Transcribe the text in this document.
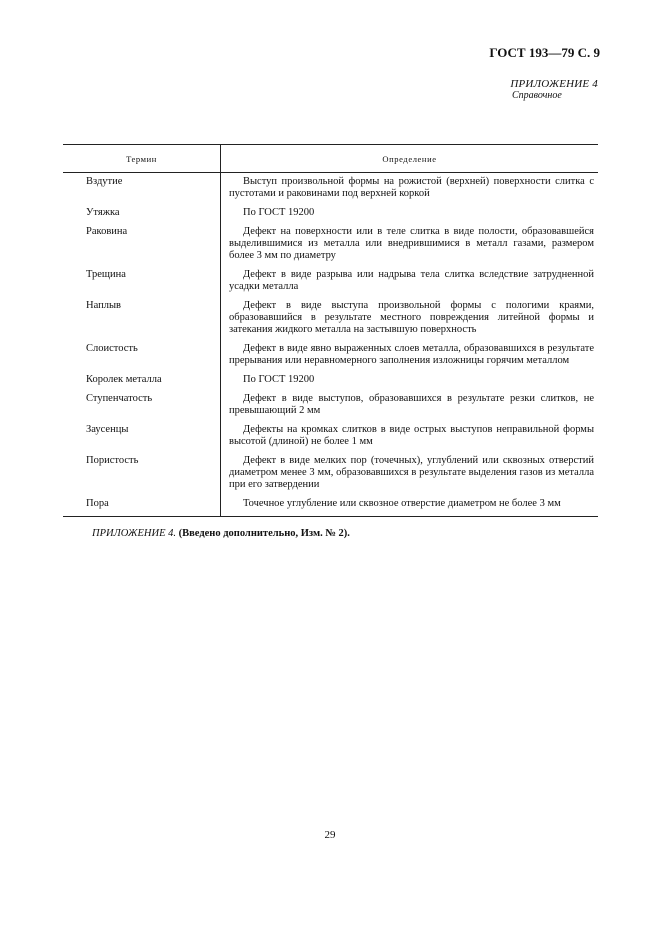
ГОСТ 193—79 С. 9
ПРИЛОЖЕНИЕ 4
Справочное
Термин	Определение
Вздутие	Выступ произвольной формы на рожистой (верхней) поверхности слитка с пустотами и раковинами под верхней коркой
Утяжка	По ГОСТ 19200
Раковина	Дефект на поверхности или в теле слитка в виде полости, образовавшейся выделившимися из металла или внедрившимися в металл газами, размером более 3 мм по диаметру
Трещина	Дефект в виде разрыва или надрыва тела слитка вследствие затрудненной усадки металла
Наплыв	Дефект в виде выступа произвольной формы с пологими краями, образовавшийся в результате местного повреждения литейной формы и затекания жидкого металла на застывшую поверхность
Слоистость	Дефект в виде явно выраженных слоев металла, образовавшихся в результате прерывания или неравномерного заполнения изложницы горячим металлом
Королек металла	По ГОСТ 19200
Ступенчатость	Дефект в виде выступов, образовавшихся в результате резки слитков, не превышающий 2 мм
Заусенцы	Дефекты на кромках слитков в виде острых выступов неправильной формы высотой (длиной) не более 1 мм
Пористость	Дефект в виде мелких пор (точечных), углублений или сквозных отверстий диаметром менее 3 мм, образовавшихся в результате выделения газов из металла при его затвердении
Пора	Точечное углубление или сквозное отверстие диаметром не более 3 мм
ПРИЛОЖЕНИЕ 4. (Введено дополнительно, Изм. № 2).
29
